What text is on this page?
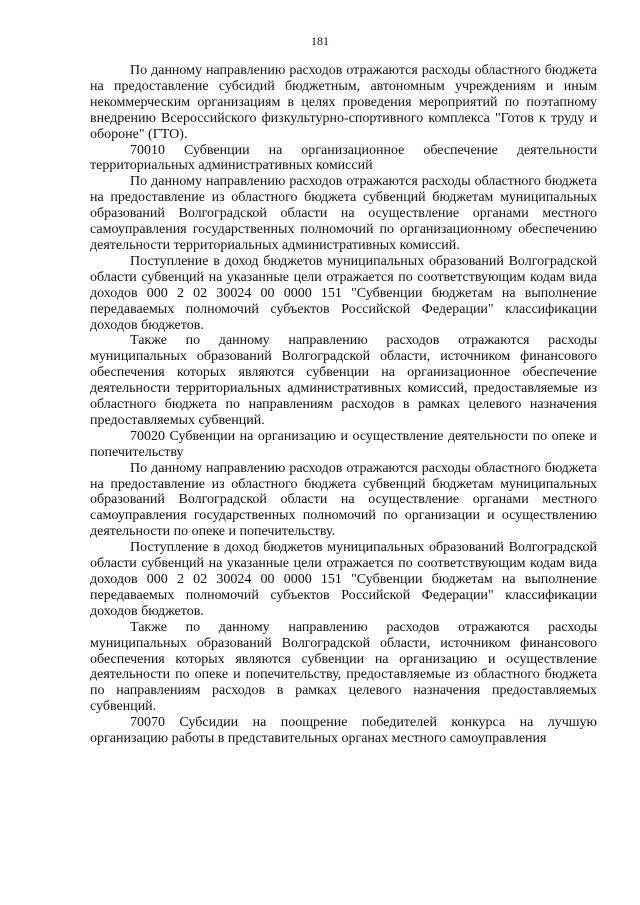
181

По данному направлению расходов отражаются расходы областного бюджета на предоставление субсидий бюджетным, автономным учреждениям и иным некоммерческим организациям в целях проведения мероприятий по поэтапному внедрению Всероссийского физкультурно-спортивного комплекса "Готов к труду и обороне" (ГТО).

70010 Субвенции на организационное обеспечение деятельности территориальных административных комиссий

По данному направлению расходов отражаются расходы областного бюджета на предоставление из областного бюджета субвенций бюджетам муниципальных образований Волгоградской области на осуществление органами местного самоуправления государственных полномочий по организационному обеспечению деятельности территориальных административных комиссий.

Поступление в доход бюджетов муниципальных образований Волгоградской области субвенций на указанные цели отражается по соответствующим кодам вида доходов 000 2 02 30024 00 0000 151 "Субвенции бюджетам на выполнение передаваемых полномочий субъектов Российской Федерации" классификации доходов бюджетов.

Также по данному направлению расходов отражаются расходы муниципальных образований Волгоградской области, источником финансового обеспечения которых являются субвенции на организационное обеспечение деятельности территориальных административных комиссий, предоставляемые из областного бюджета по направлениям расходов в рамках целевого назначения предоставляемых субвенций.

70020 Субвенции на организацию и осуществление деятельности по опеке и попечительству

По данному направлению расходов отражаются расходы областного бюджета на предоставление из областного бюджета субвенций бюджетам муниципальных образований Волгоградской области на осуществление органами местного самоуправления государственных полномочий по организации и осуществлению деятельности по опеке и попечительству.

Поступление в доход бюджетов муниципальных образований Волгоградской области субвенций на указанные цели отражается по соответствующим кодам вида доходов 000 2 02 30024 00 0000 151 "Субвенции бюджетам на выполнение передаваемых полномочий субъектов Российской Федерации" классификации доходов бюджетов.

Также по данному направлению расходов отражаются расходы муниципальных образований Волгоградской области, источником финансового обеспечения которых являются субвенции на организацию и осуществление деятельности по опеке и попечительству, предоставляемые из областного бюджета по направлениям расходов в рамках целевого назначения предоставляемых субвенций.

70070 Субсидии на поощрение победителей конкурса на лучшую организацию работы в представительных органах местного самоуправления
